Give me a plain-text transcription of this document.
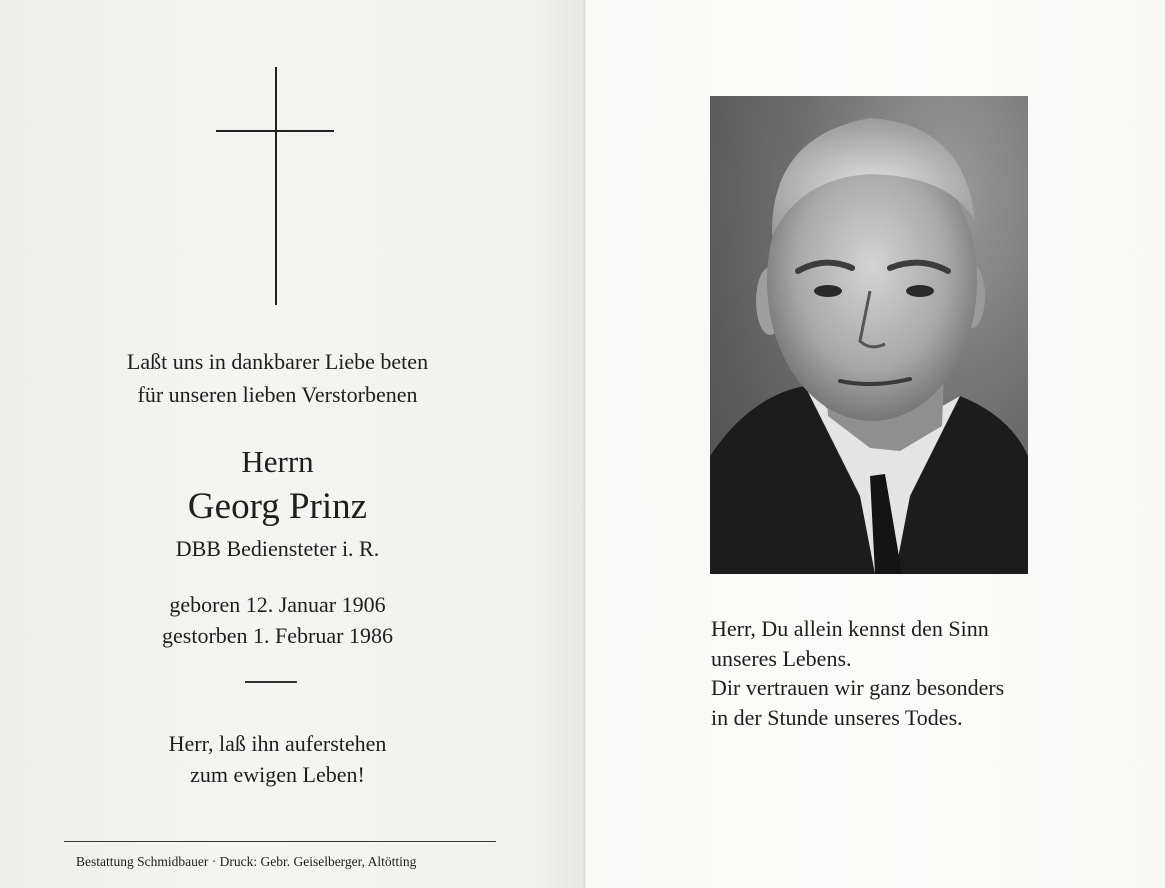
Laßt uns in dankbarer Liebe beten
für unseren lieben Verstorbenen
Herrn
Georg Prinz
DBB Bediensteter i. R.
geboren 12. Januar 1906
gestorben 1. Februar 1986
Herr, laß ihn auferstehen
zum ewigen Leben!
Bestattung Schmidbauer · Druck: Gebr. Geiselberger, Altötting
Herr, Du allein kennst den Sinn
unseres Lebens.
Dir vertrauen wir ganz besonders
in der Stunde unseres Todes.
